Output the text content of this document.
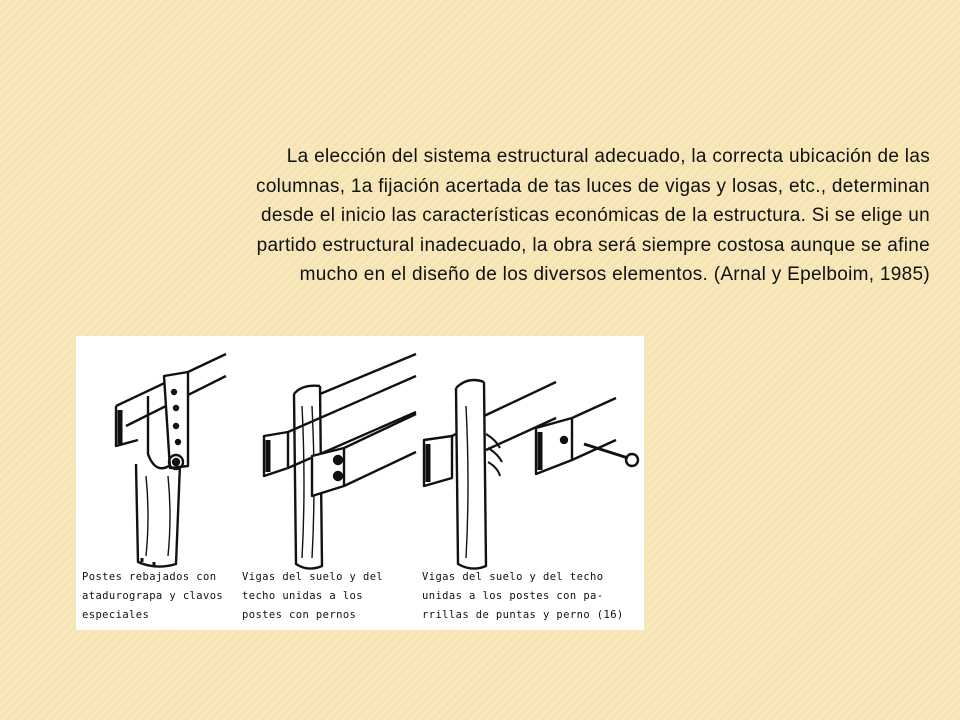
La elección del sistema estructural adecuado, la correcta ubicación de las
columnas, 1a fijación acertada de tas luces de vigas y losas, etc., determinan
desde el inicio las características económicas de la estructura. Si se elige un
partido estructural inadecuado, la obra será siempre costosa aunque se afine
mucho en el diseño de los diversos elementos. (Arnal y Epelboim, 1985)
Postes rebajados con
atadurograpa y clavos
especiales
Vigas del suelo y del
techo unidas a los
postes con pernos
Vigas del suelo y del techo
unidas a los postes con pa-
rrillas de puntas y perno (16)
